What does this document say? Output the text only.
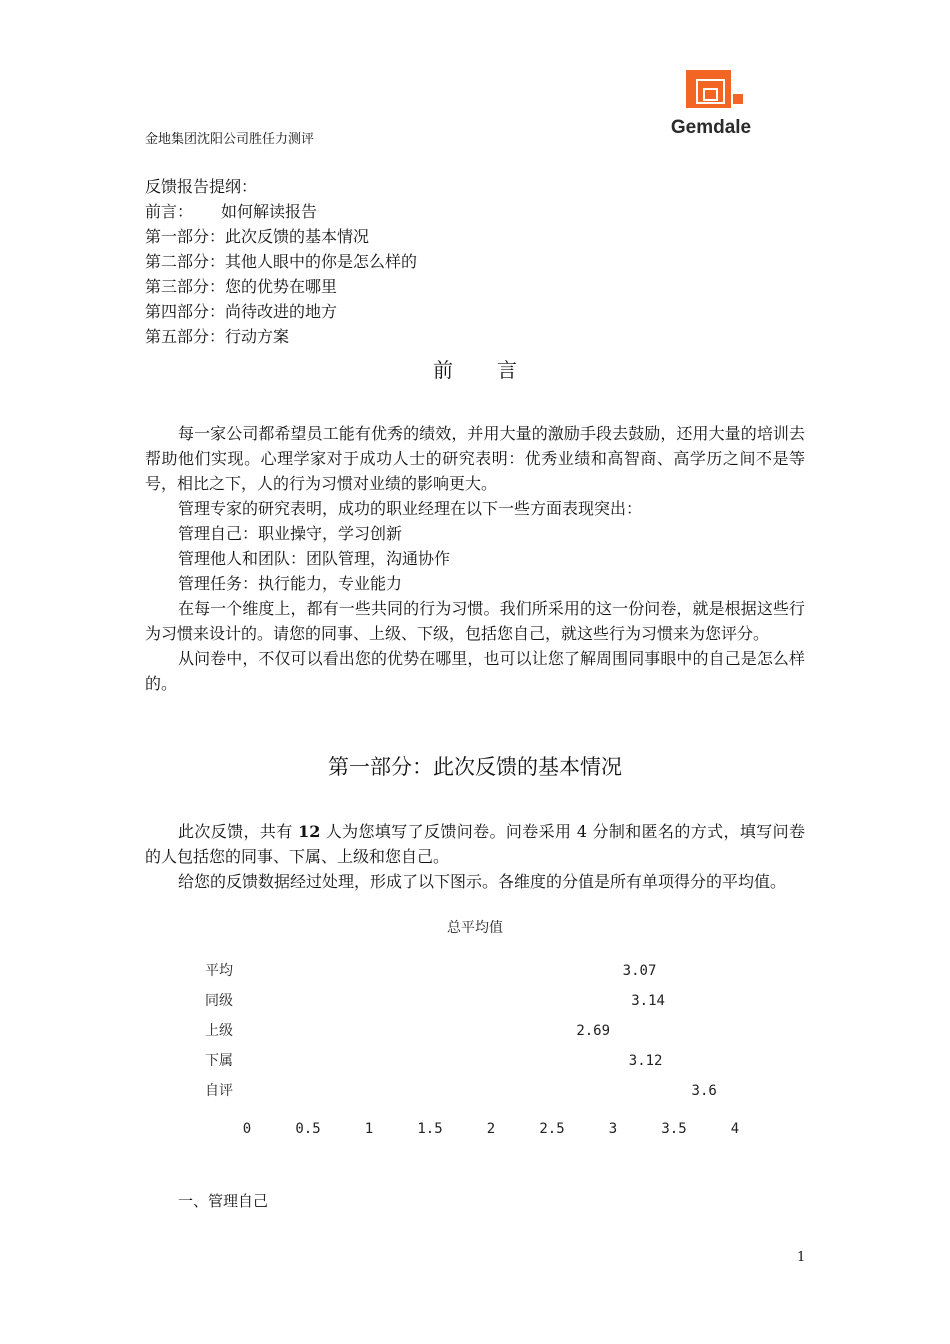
Gemdale
金地集团沈阳公司胜任力测评
反馈报告提纲：
前言： 如何解读报告
第一部分：此次反馈的基本情况
第二部分：其他人眼中的你是怎么样的
第三部分：您的优势在哪里
第四部分：尚待改进的地方
第五部分：行动方案
前言

每一家公司都希望员工能有优秀的绩效，并用大量的激励手段去鼓励，还用大量的培训去帮助他们实现。心理学家对于成功人士的研究表明：优秀业绩和高智商、高学历之间不是等号，相比之下，人的行为习惯对业绩的影响更大。

管理专家的研究表明，成功的职业经理在以下一些方面表现突出：

管理自己：职业操守，学习创新

管理他人和团队：团队管理，沟通协作

管理任务：执行能力，专业能力

在每一个维度上，都有一些共同的行为习惯。我们所采用的这一份问卷，就是根据这些行为习惯来设计的。请您的同事、上级、下级，包括您自己，就这些行为习惯来为您评分。

从问卷中，不仅可以看出您的优势在哪里，也可以让您了解周围同事眼中的自己是怎么样的。

第一部分：此次反馈的基本情况

此次反馈，共有 12 人为您填写了反馈问卷。问卷采用 4 分制和匿名的方式，填写问卷的人包括您的同事、下属、上级和您自己。

给您的反馈数据经过处理，形成了以下图示。各维度的分值是所有单项得分的平均值。

总平均值
平均	3.07
同级	3.14
上级	2.69
下属	3.12
自评	3.6
0	0.5	1	1.5	2	2.5	3	3.5	4
一、管理自己
1
